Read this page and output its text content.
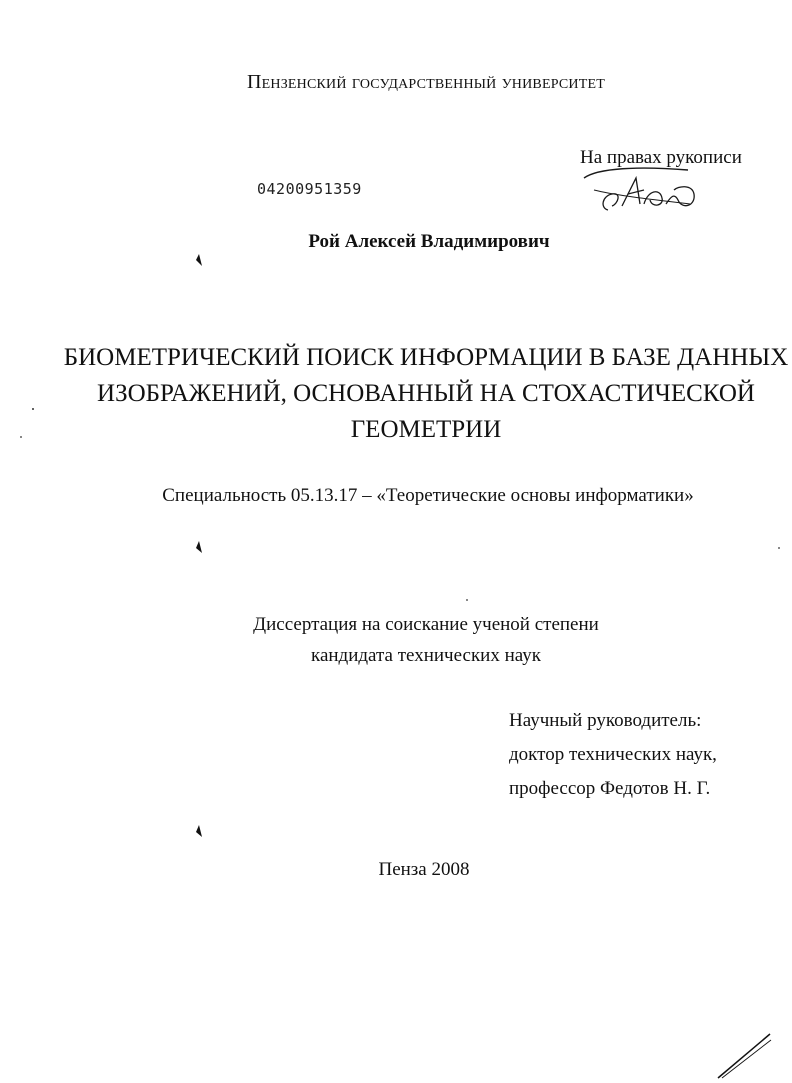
Пензенский государственный университет
На правах рукописи
04200951359
Рой Алексей Владимирович
БИОМЕТРИЧЕСКИЙ ПОИСК ИНФОРМАЦИИ В БАЗЕ ДАННЫХ
ИЗОБРАЖЕНИЙ, ОСНОВАННЫЙ НА СТОХАСТИЧЕСКОЙ
ГЕОМЕТРИИ
Специальность 05.13.17 – «Теоретические основы информатики»
Диссертация на соискание ученой степени
кандидата технических наук
Научный руководитель:
доктор технических наук,
профессор Федотов Н. Г.
Пенза 2008
